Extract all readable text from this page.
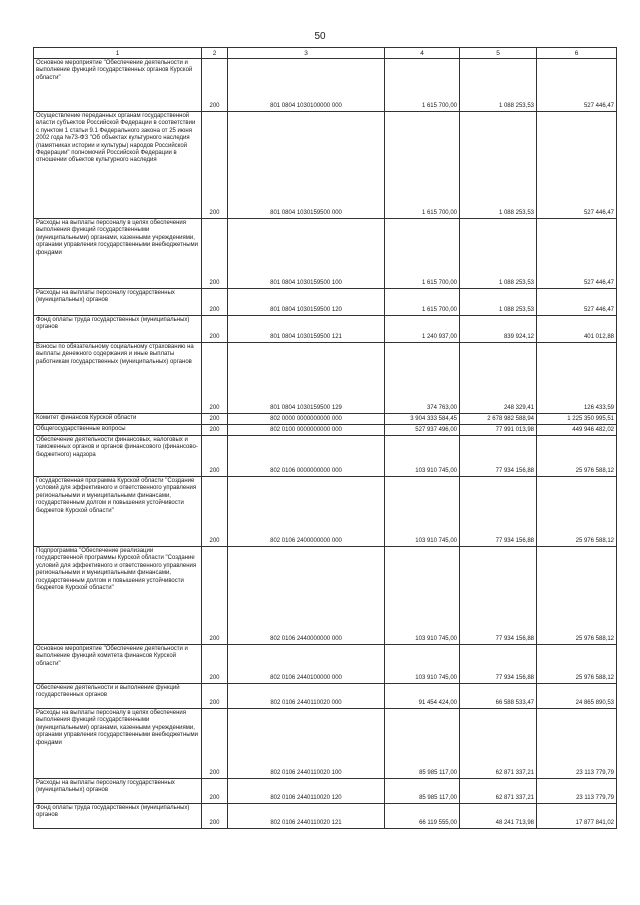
50
1	2	3	4	5	6
Основное мероприятие "Обеспечение деятельности и выполнение функций государственных органов Курской области"	200	801 0804 1030100000 000	1 615 700,00	1 088 253,53	527 446,47
Осуществление переданных органам государственной власти субъектов Российской Федерации в соответствии с пунктом 1 статьи 9.1 Федерального закона от 25 июня 2002 года №73-ФЗ "Об объектах культурного наследия (памятниках истории и культуры) народов Российской Федерации" полномочий Российской Федерации в отношении объектов культурного наследия	200	801 0804 1030159500 000	1 615 700,00	1 088 253,53	527 446,47
Расходы на выплаты персоналу в целях обеспечения выполнения функций государственными (муниципальными) органами, казенными учреждениями, органами управления государственными внебюджетными фондами	200	801 0804 1030159500 100	1 615 700,00	1 088 253,53	527 446,47
Расходы на выплаты персоналу государственных (муниципальных) органов	200	801 0804 1030159500 120	1 615 700,00	1 088 253,53	527 446,47
Фонд оплаты труда государственных (муниципальных) органов	200	801 0804 1030159500 121	1 240 937,00	839 924,12	401 012,88
Взносы по обязательному социальному страхованию на выплаты денежного содержания и иные выплаты работникам государственных (муниципальных) органов	200	801 0804 1030159500 129	374 763,00	248 329,41	126 433,59
Комитет финансов Курской области	200	802 0000 0000000000 000	3 904 333 584,45	2 678 982 588,94	1 225 350 995,51
Общегосударственные вопросы	200	802 0100 0000000000 000	527 937 496,00	77 991 013,98	449 946 482,02
Обеспечение деятельности финансовых, налоговых и таможенных органов и органов финансового (финансово-бюджетного) надзора	200	802 0106 0000000000 000	103 910 745,00	77 934 156,88	25 976 588,12
Государственная программа Курской области "Создание условий для эффективного и ответственного управления региональными и муниципальными финансами, государственным долгом и повышения устойчивости бюджетов Курской области"	200	802 0106 2400000000 000	103 910 745,00	77 934 156,88	25 976 588,12
Подпрограмма "Обеспечение реализации государственной программы Курской области "Создание условий для эффективного и ответственного управления региональными и муниципальными финансами, государственным долгом и повышения устойчивости бюджетов Курской области"	200	802 0106 2440000000 000	103 910 745,00	77 934 156,88	25 976 588,12
Основное мероприятие "Обеспечение деятельности и выполнение функций комитета финансов Курской области"	200	802 0106 2440100000 000	103 910 745,00	77 934 156,88	25 976 588,12
Обеспечение деятельности и выполнение функций государственных органов	200	802 0106 2440110020 000	91 454 424,00	66 588 533,47	24 865 890,53
Расходы на выплаты персоналу в целях обеспечения выполнения функций государственными (муниципальными) органами, казенными учреждениями, органами управления государственными внебюджетными фондами	200	802 0106 2440110020 100	85 985 117,00	62 871 337,21	23 113 779,79
Расходы на выплаты персоналу государственных (муниципальных) органов	200	802 0106 2440110020 120	85 985 117,00	62 871 337,21	23 113 779,79
Фонд оплаты труда государственных (муниципальных) органов	200	802 0106 2440110020 121	66 119 555,00	48 241 713,98	17 877 841,02
